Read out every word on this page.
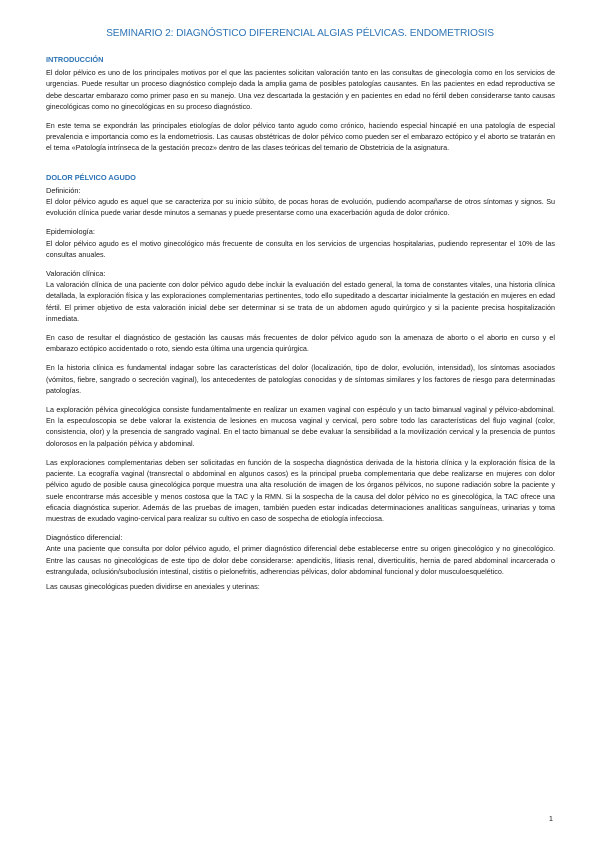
SEMINARIO 2: DIAGNÓSTICO DIFERENCIAL ALGIAS PÉLVICAS. ENDOMETRIOSIS
INTRODUCCIÓN

El dolor pélvico es uno de los principales motivos por el que las pacientes solicitan valoración tanto en las consultas de ginecología como en los servicios de urgencias. Puede resultar un proceso diagnóstico complejo dada la amplia gama de posibles patologías causantes. En las pacientes en edad reproductiva se debe descartar embarazo como primer paso en su manejo. Una vez descartada la gestación y en pacientes en edad no fértil deben considerarse tanto causas ginecológicas como no ginecológicas en su proceso diagnóstico.

En este tema se expondrán las principales etiologías de dolor pélvico tanto agudo como crónico, haciendo especial hincapié en una patología de especial prevalencia e importancia como es la endometriosis. Las causas obstétricas de dolor pélvico como pueden ser el embarazo ectópico y el aborto se tratarán en el tema «Patología intrínseca de la gestación precoz» dentro de las clases teóricas del temario de Obstetricia de la asignatura.

DOLOR PÉLVICO AGUDO
Definición:

El dolor pélvico agudo es aquel que se caracteriza por su inicio súbito, de pocas horas de evolución, pudiendo acompañarse de otros síntomas y signos. Su evolución clínica puede variar desde minutos a semanas y puede presentarse como una exacerbación aguda de dolor crónico.

Epidemiología:

El dolor pélvico agudo es el motivo ginecológico más frecuente de consulta en los servicios de urgencias hospitalarias, pudiendo representar el 10% de las consultas anuales.

Valoración clínica:

La valoración clínica de una paciente con dolor pélvico agudo debe incluir la evaluación del estado general, la toma de constantes vitales, una historia clínica detallada, la exploración física y las exploraciones complementarias pertinentes, todo ello supeditado a descartar inicialmente la gestación en mujeres en edad fértil. El primer objetivo de esta valoración inicial debe ser determinar si se trata de un abdomen agudo quirúrgico y si la paciente precisa hospitalización inmediata.

En caso de resultar el diagnóstico de gestación las causas más frecuentes de dolor pélvico agudo son la amenaza de aborto o el aborto en curso y el embarazo ectópico accidentado o roto, siendo esta última una urgencia quirúrgica.

En la historia clínica es fundamental indagar sobre las características del dolor (localización, tipo de dolor, evolución, intensidad), los síntomas asociados (vómitos, fiebre, sangrado o secreción vaginal), los antecedentes de patologías conocidas y de síntomas similares y los factores de riesgo para determinadas patologías.

La exploración pélvica ginecológica consiste fundamentalmente en realizar un examen vaginal con espéculo y un tacto bimanual vaginal y pélvico-abdominal. En la especuloscopia se debe valorar la existencia de lesiones en mucosa vaginal y cervical, pero sobre todo las características del flujo vaginal (color, consistencia, olor) y la presencia de sangrado vaginal. En el tacto bimanual se debe evaluar la sensibilidad a la movilización cervical y la presencia de puntos dolorosos en la palpación pélvica y abdominal.

Las exploraciones complementarias deben ser solicitadas en función de la sospecha diagnóstica derivada de la historia clínica y la exploración física de la paciente. La ecografía vaginal (transrectal o abdominal en algunos casos) es la principal prueba complementaria que debe realizarse en mujeres con dolor pélvico agudo de posible causa ginecológica porque muestra una alta resolución de imagen de los órganos pélvicos, no supone radiación sobre la paciente y suele encontrarse más accesible y menos costosa que la TAC y la RMN. Si la sospecha de la causa del dolor pélvico no es ginecológica, la TAC ofrece una eficacia diagnóstica superior. Además de las pruebas de imagen, también pueden estar indicadas determinaciones analíticas sanguíneas, urinarias y toma muestras de exudado vagino-cervical para realizar su cultivo en caso de sospecha de etiología infecciosa.

Diagnóstico diferencial:

Ante una paciente que consulta por dolor pélvico agudo, el primer diagnóstico diferencial debe establecerse entre su origen ginecológico y no ginecológico. Entre las causas no ginecológicas de este tipo de dolor debe considerarse: apendicitis, litiasis renal, diverticulitis, hernia de pared abdominal incarcerada o estrangulada, oclusión/suboclusión intestinal, cistitis o pielonefritis, adherencias pélvicas, dolor abdominal funcional y dolor musculoesquelético.

Las causas ginecológicas pueden dividirse en anexiales y uterinas:

1
